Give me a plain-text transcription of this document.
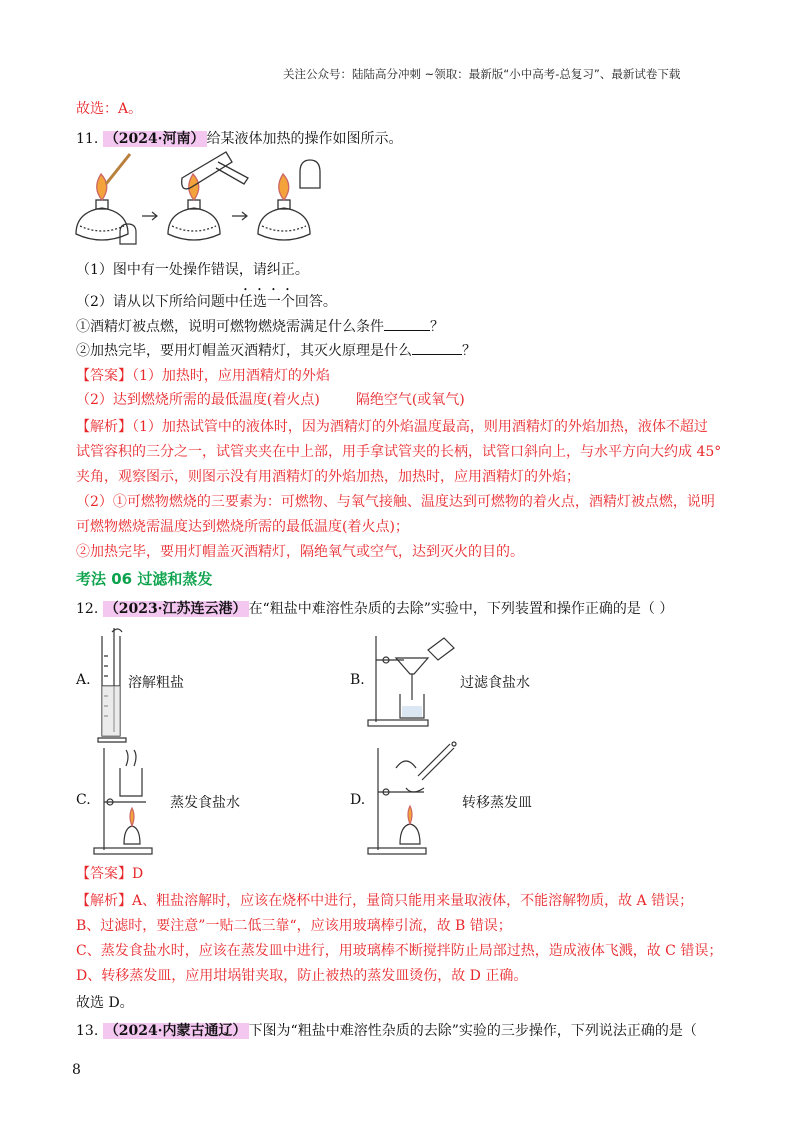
关注公众号：陆陆高分冲刺 ~领取：最新版“小中高考-总复习”、最新试卷下载
故选：A。
11. （2024·河南） 给某液体加热的操作如图所示。
（1）图中有一处操作错误，请纠正。
（2）请从以下所给问题中任选一个回答。
①酒精灯被点燃，说明可燃物燃烧需满足什么条件	？
②加热完毕，要用灯帽盖灭酒精灯，其灭火原理是什么	？
【答案】（1）加热时，应用酒精灯的外焰
（2）达到燃烧所需的最低温度(着火点)	隔绝空气(或氧气)
【解析】（1）加热试管中的液体时，因为酒精灯的外焰温度最高，则用酒精灯的外焰加热，液体不超过
试管容积的三分之一，试管夹夹在中上部，用手拿试管夹的长柄，试管口斜向上，与水平方向大约成 45°
夹角，观察图示，则图示没有用酒精灯的外焰加热，加热时，应用酒精灯的外焰；
（2）①可燃物燃烧的三要素为：可燃物、与氧气接触、温度达到可燃物的着火点，酒精灯被点燃，说明
可燃物燃烧需温度达到燃烧所需的最低温度(着火点)；
②加热完毕，要用灯帽盖灭酒精灯，隔绝氧气或空气，达到灭火的目的。
考法 06 过滤和蒸发
12. （2023·江苏连云港） 在“粗盐中难溶性杂质的去除”实验中，下列装置和操作正确的是（ ）
A.	溶解粗盐	B.	过滤食盐水
C.	蒸发食盐水	D.	转移蒸发皿
【答案】D
【解析】A、粗盐溶解时，应该在烧杯中进行，量筒只能用来量取液体，不能溶解物质，故 A 错误；
B、过滤时，要注意”一贴二低三靠“，应该用玻璃棒引流，故 B 错误；
C、蒸发食盐水时，应该在蒸发皿中进行，用玻璃棒不断搅拌防止局部过热，造成液体飞溅，故 C 错误；
D、转移蒸发皿，应用坩埚钳夹取，防止被热的蒸发皿烫伤，故 D 正确。
故选 D。
13. （2024·内蒙古通辽） 下图为“粗盐中难溶性杂质的去除”实验的三步操作，下列说法正确的是（
8
